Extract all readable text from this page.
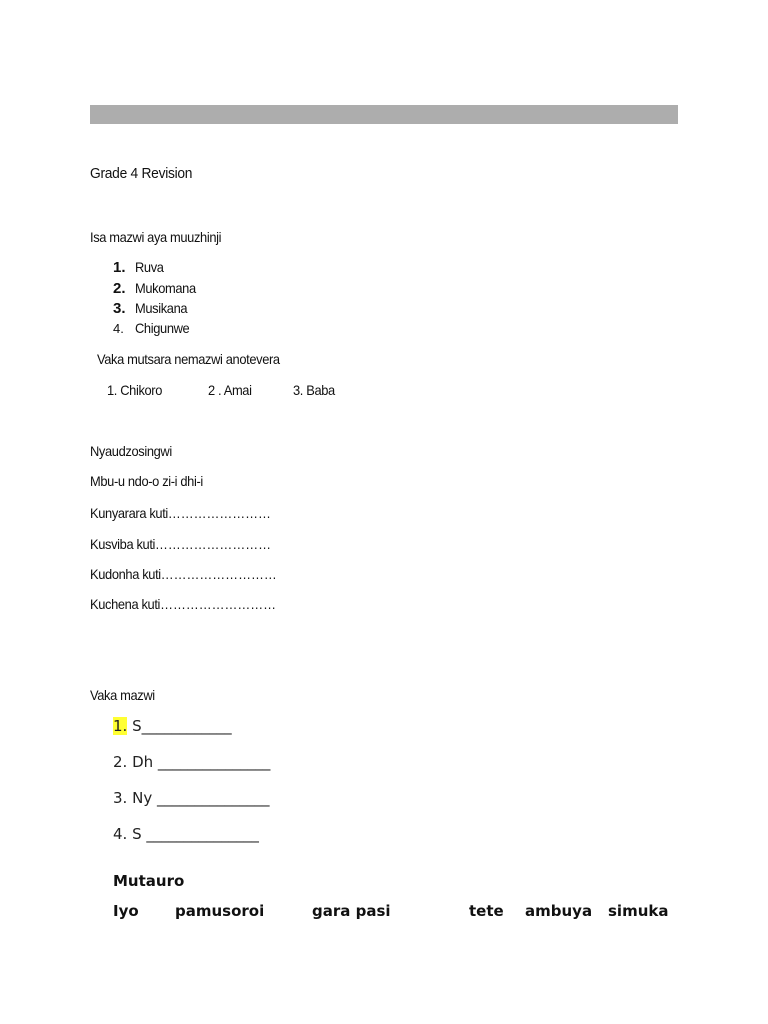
Grade 4 Revision
Isa mazwi aya muuzhinji
1. Ruva
2. Mukomana
3. Musikana
4. Chigunwe
Vaka mutsara nemazwi anotevera
1. Chikoro	2 . Amai	3. Baba
Nyaudzosingwi
Mbu-u ndo-o zi-i dhi-i
Kunyarara kuti……………………
Kusviba kuti………………………
Kudonha kuti………………………
Kuchena kuti………………………
Vaka mazwi
1. S____________
2. Dh _______________
3. Ny _______________
4. S _______________
Mutauro
Iyo pamusoroi	gara pasi	tete ambuya simuka
